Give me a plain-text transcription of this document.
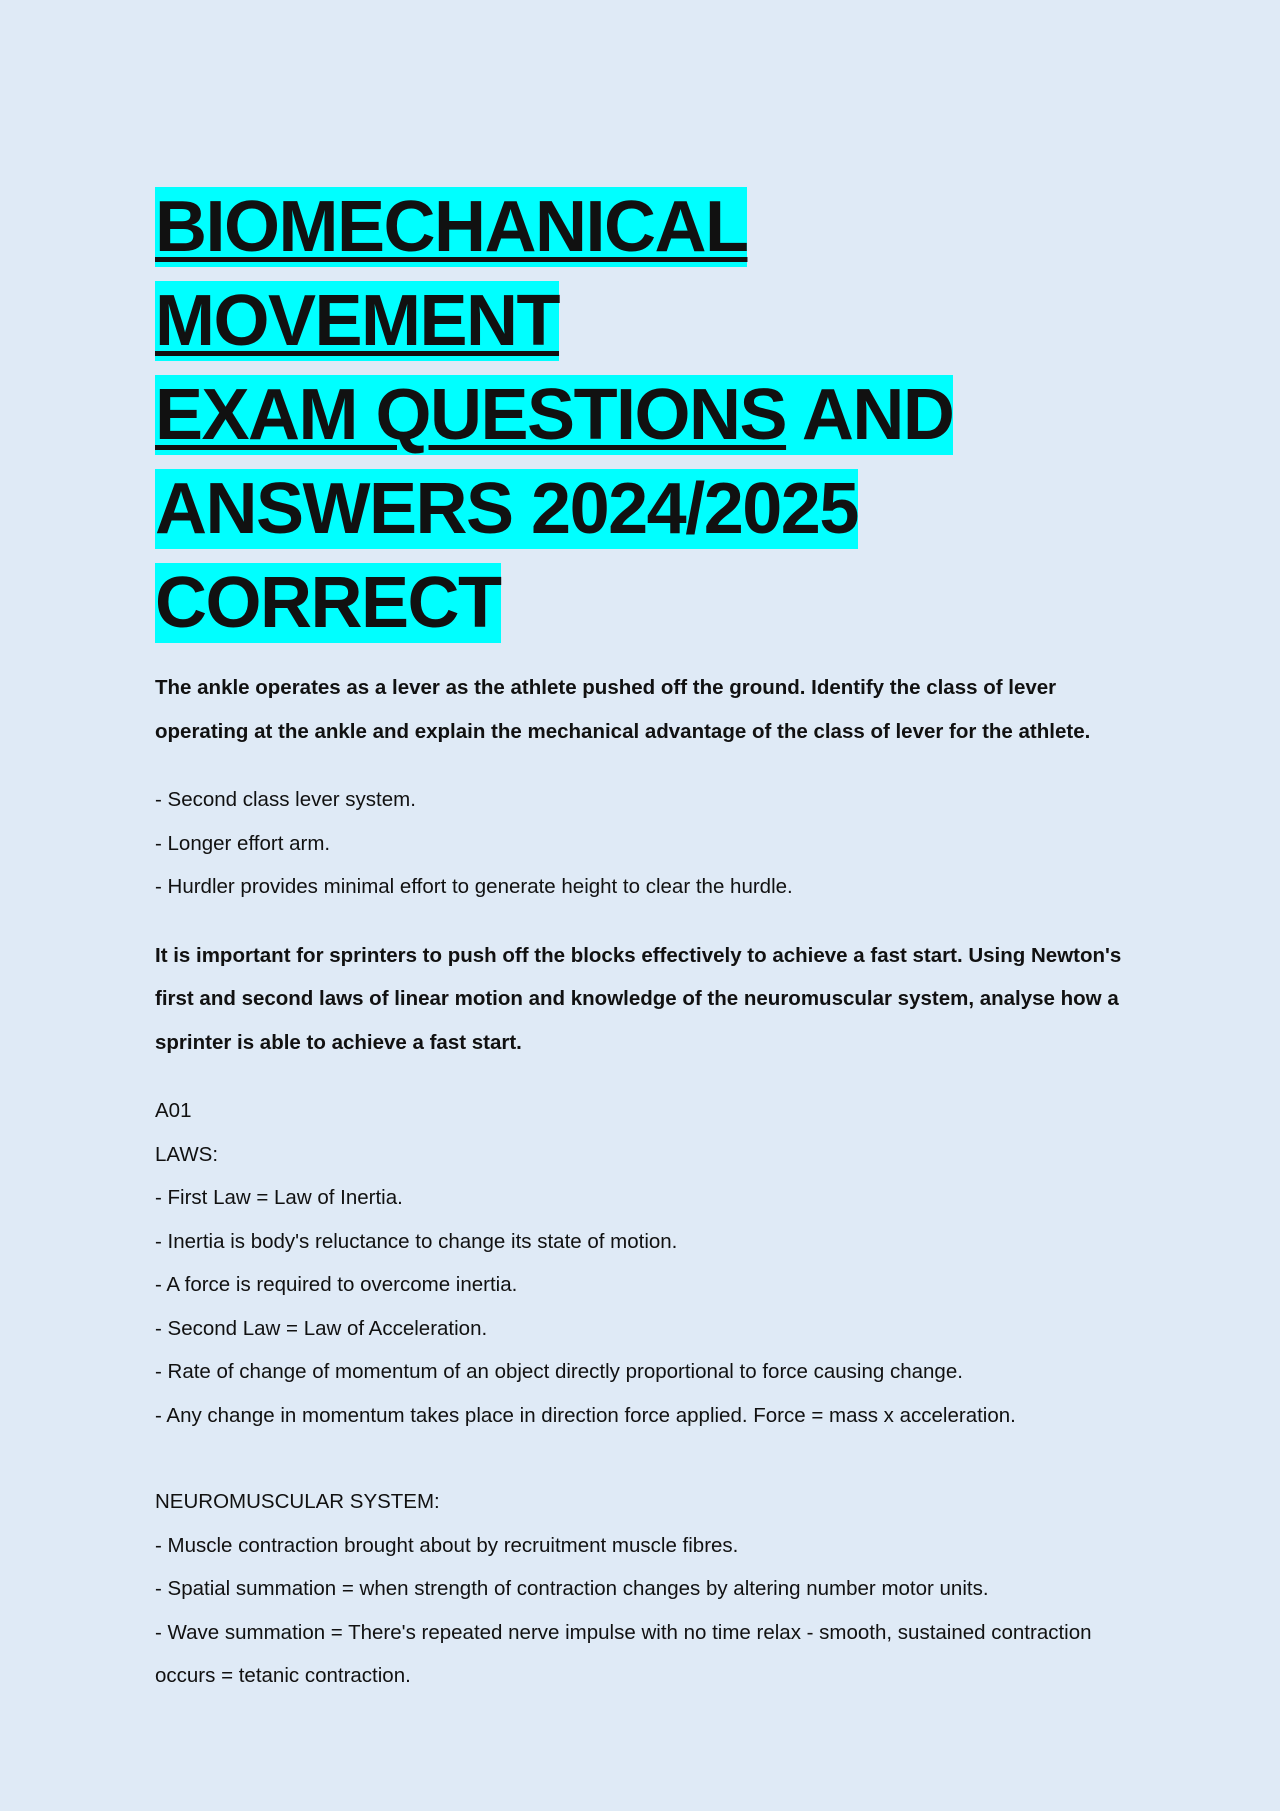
BIOMECHANICAL MOVEMENT
EXAM QUESTIONS AND
ANSWERS 2024/2025
CORRECT

The ankle operates as a lever as the athlete pushed off the ground. Identify the class of lever operating at the ankle and explain the mechanical advantage of the class of lever for the athlete.

- Second class lever system.

- Longer effort arm.

- Hurdler provides minimal effort to generate height to clear the hurdle.

It is important for sprinters to push off the blocks effectively to achieve a fast start. Using Newton's first and second laws of linear motion and knowledge of the neuromuscular system, analyse how a sprinter is able to achieve a fast start.

A01

LAWS:

- First Law = Law of Inertia.

- Inertia is body's reluctance to change its state of motion.

- A force is required to overcome inertia.

- Second Law = Law of Acceleration.

- Rate of change of momentum of an object directly proportional to force causing change.

- Any change in momentum takes place in direction force applied. Force = mass x acceleration.

NEUROMUSCULAR SYSTEM:

- Muscle contraction brought about by recruitment muscle fibres.

- Spatial summation = when strength of contraction changes by altering number motor units.

- Wave summation = There's repeated nerve impulse with no time relax - smooth, sustained contraction occurs = tetanic contraction.
